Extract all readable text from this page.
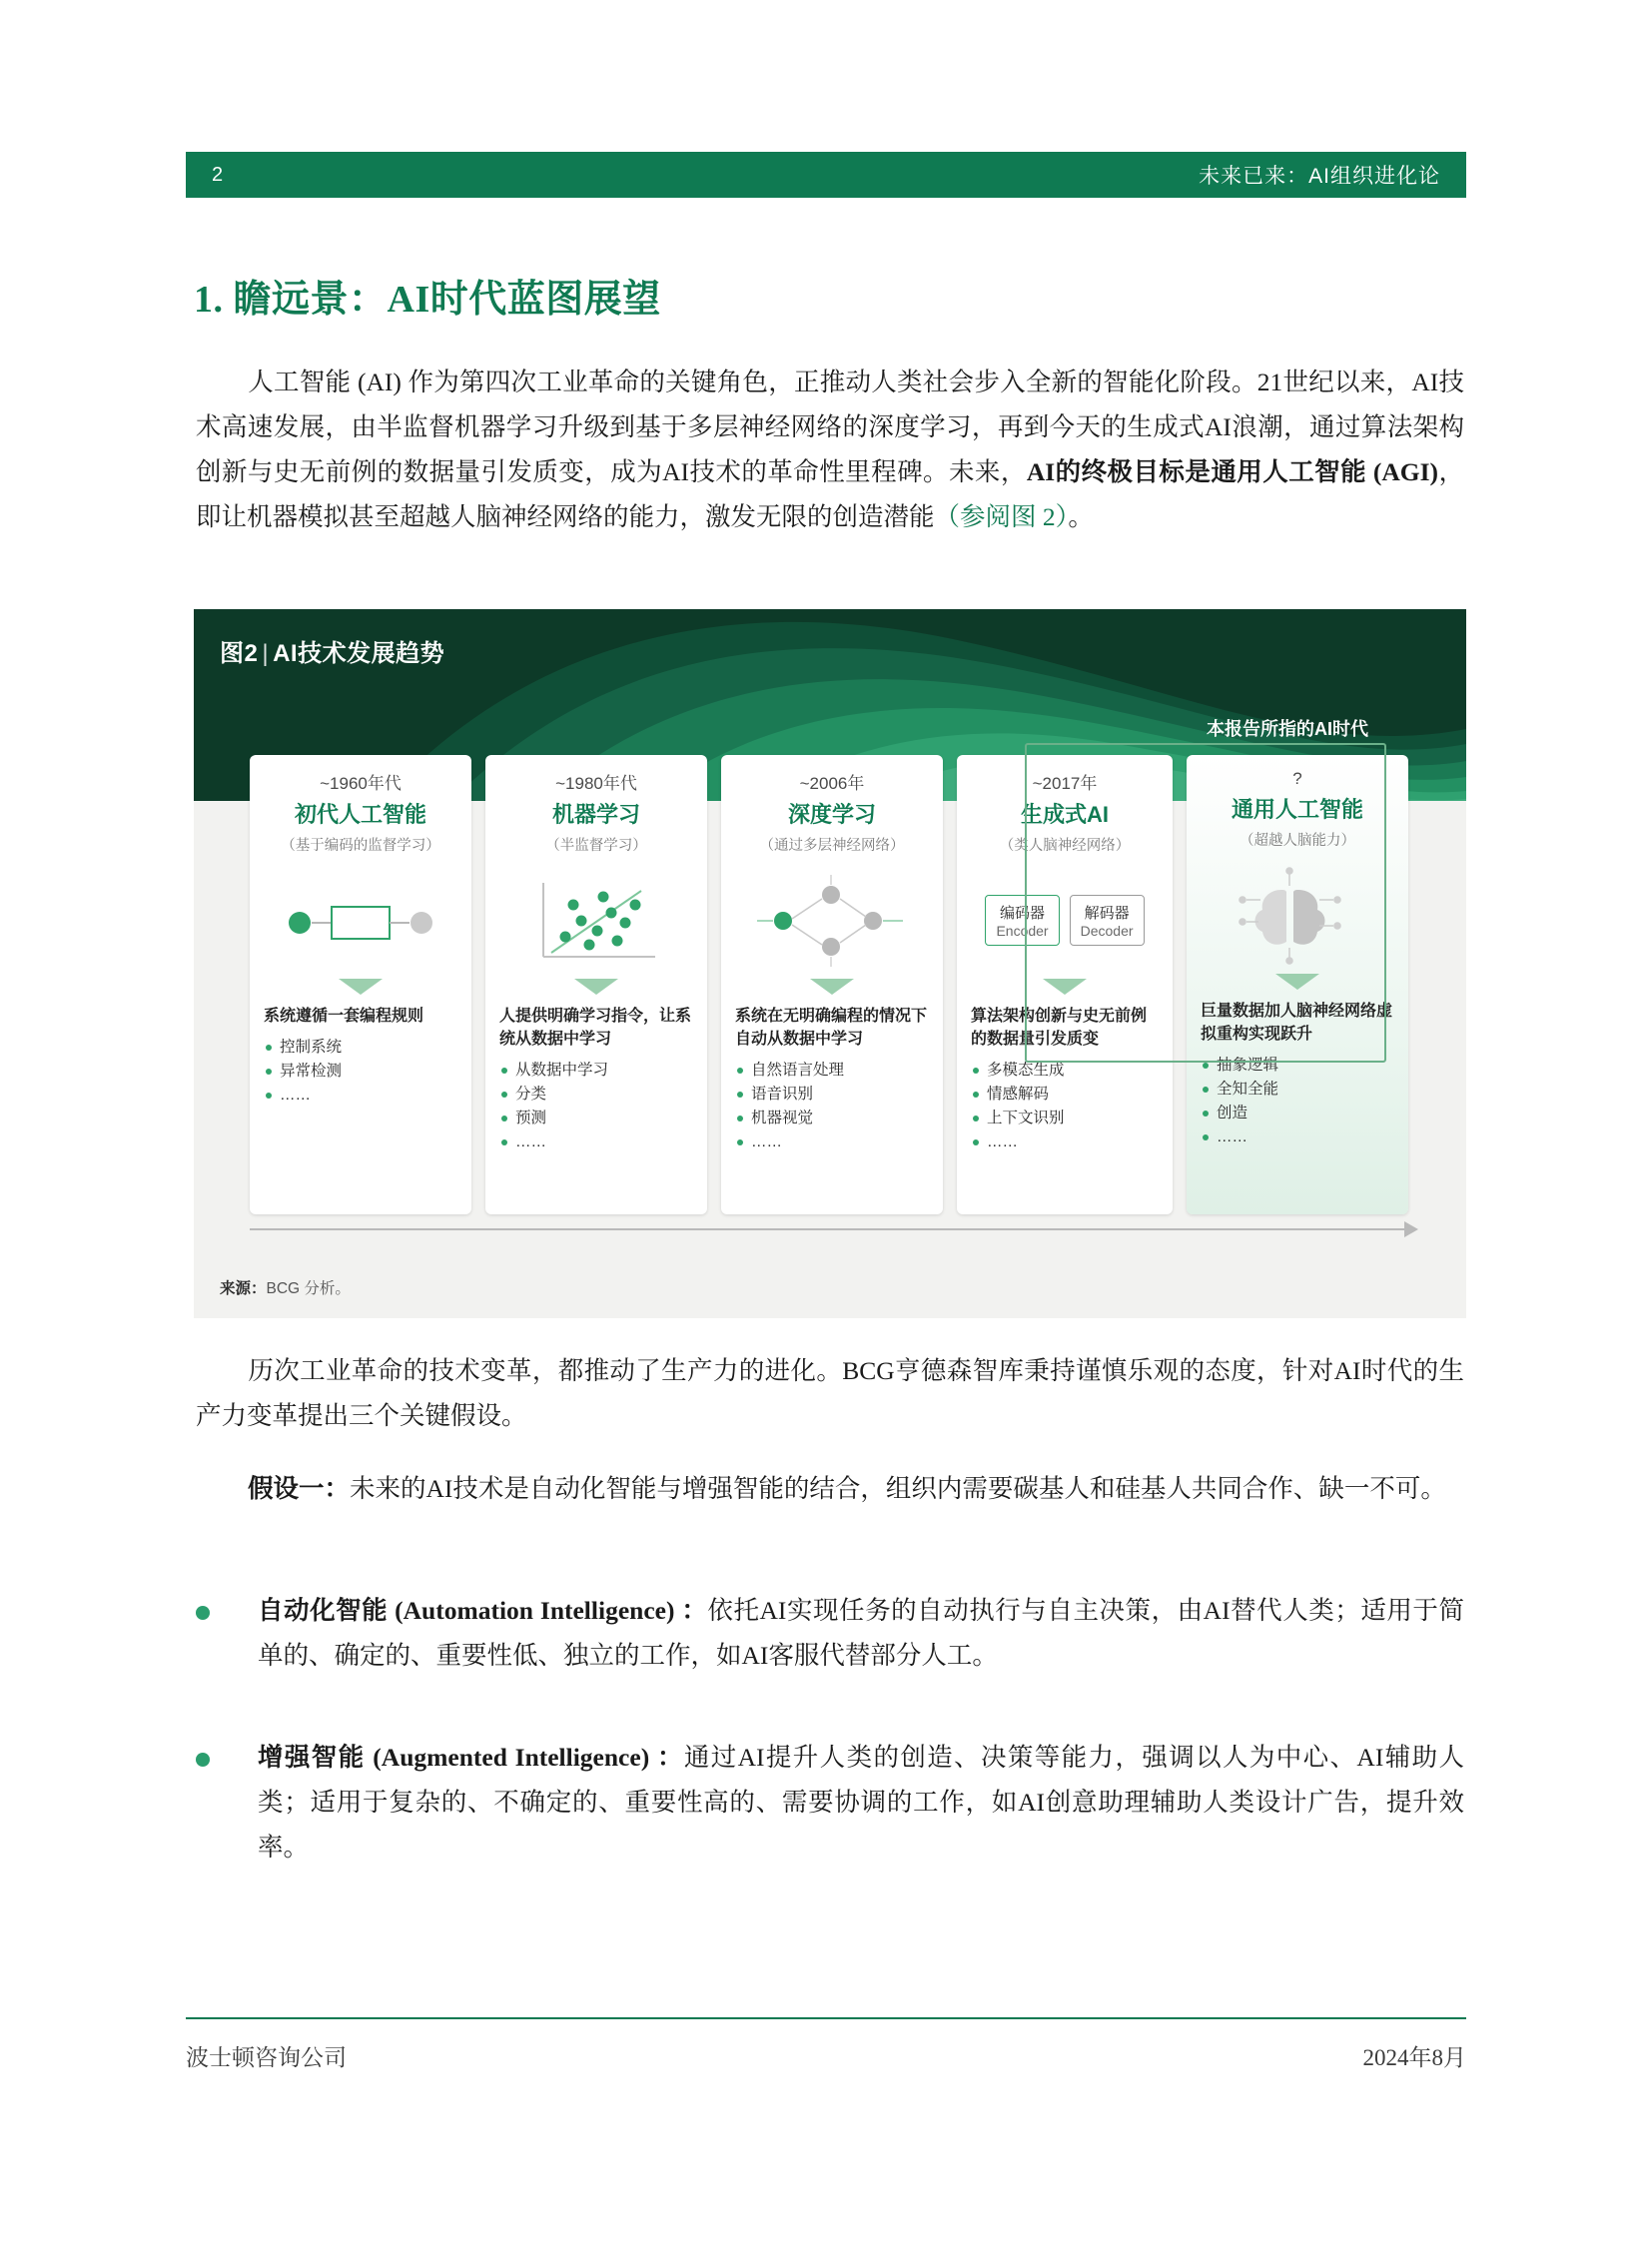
2	未来已来：AI组织进化论
1. 瞻远景：AI时代蓝图展望
人工智能 (AI) 作为第四次工业革命的关键角色，正推动人类社会步入全新的智能化阶段。21世纪以来，AI技术高速发展，由半监督机器学习升级到基于多层神经网络的深度学习，再到今天的生成式AI浪潮，通过算法架构创新与史无前例的数据量引发质变，成为AI技术的革命性里程碑。未来，AI的终极目标是通用人工智能 (AGI)，即让机器模拟甚至超越人脑神经网络的能力，激发无限的创造潜能（参阅图 2）。
图2 | AI技术发展趋势
本报告所指的AI时代
~1960年代
初代人工智能
（基于编码的监督学习）
系统遵循一套编程规则
控制系统
异常检测
……
~1980年代
机器学习
（半监督学习）
人提供明确学习指令，让系统从数据中学习
从数据中学习
分类
预测
……
~2006年
深度学习
（通过多层神经网络）
系统在无明确编程的情况下自动从数据中学习
自然语言处理
语音识别
机器视觉
……
~2017年
生成式AI
（类人脑神经网络）
编码器
Encoder
解码器
Decoder
算法架构创新与史无前例的数据量引发质变
多模态生成
情感解码
上下文识别
……
?
通用人工智能
（超越人脑能力）
巨量数据加人脑神经网络虚拟重构实现跃升
抽象逻辑
全知全能
创造
……
来源：BCG 分析。
历次工业革命的技术变革，都推动了生产力的进化。BCG亨德森智库秉持谨慎乐观的态度，针对AI时代的生产力变革提出三个关键假设。
假设一：未来的AI技术是自动化智能与增强智能的结合，组织内需要碳基人和硅基人共同合作、缺一不可。
自动化智能 (Automation Intelligence) ：依托AI实现任务的自动执行与自主决策，由AI替代人类；适用于简单的、确定的、重要性低、独立的工作，如AI客服代替部分人工。
增强智能 (Augmented Intelligence) ：通过AI提升人类的创造、决策等能力，强调以人为中心、AI辅助人类；适用于复杂的、不确定的、重要性高的、需要协调的工作，如AI创意助理辅助人类设计广告，提升效率。
波士顿咨询公司	2024年8月
